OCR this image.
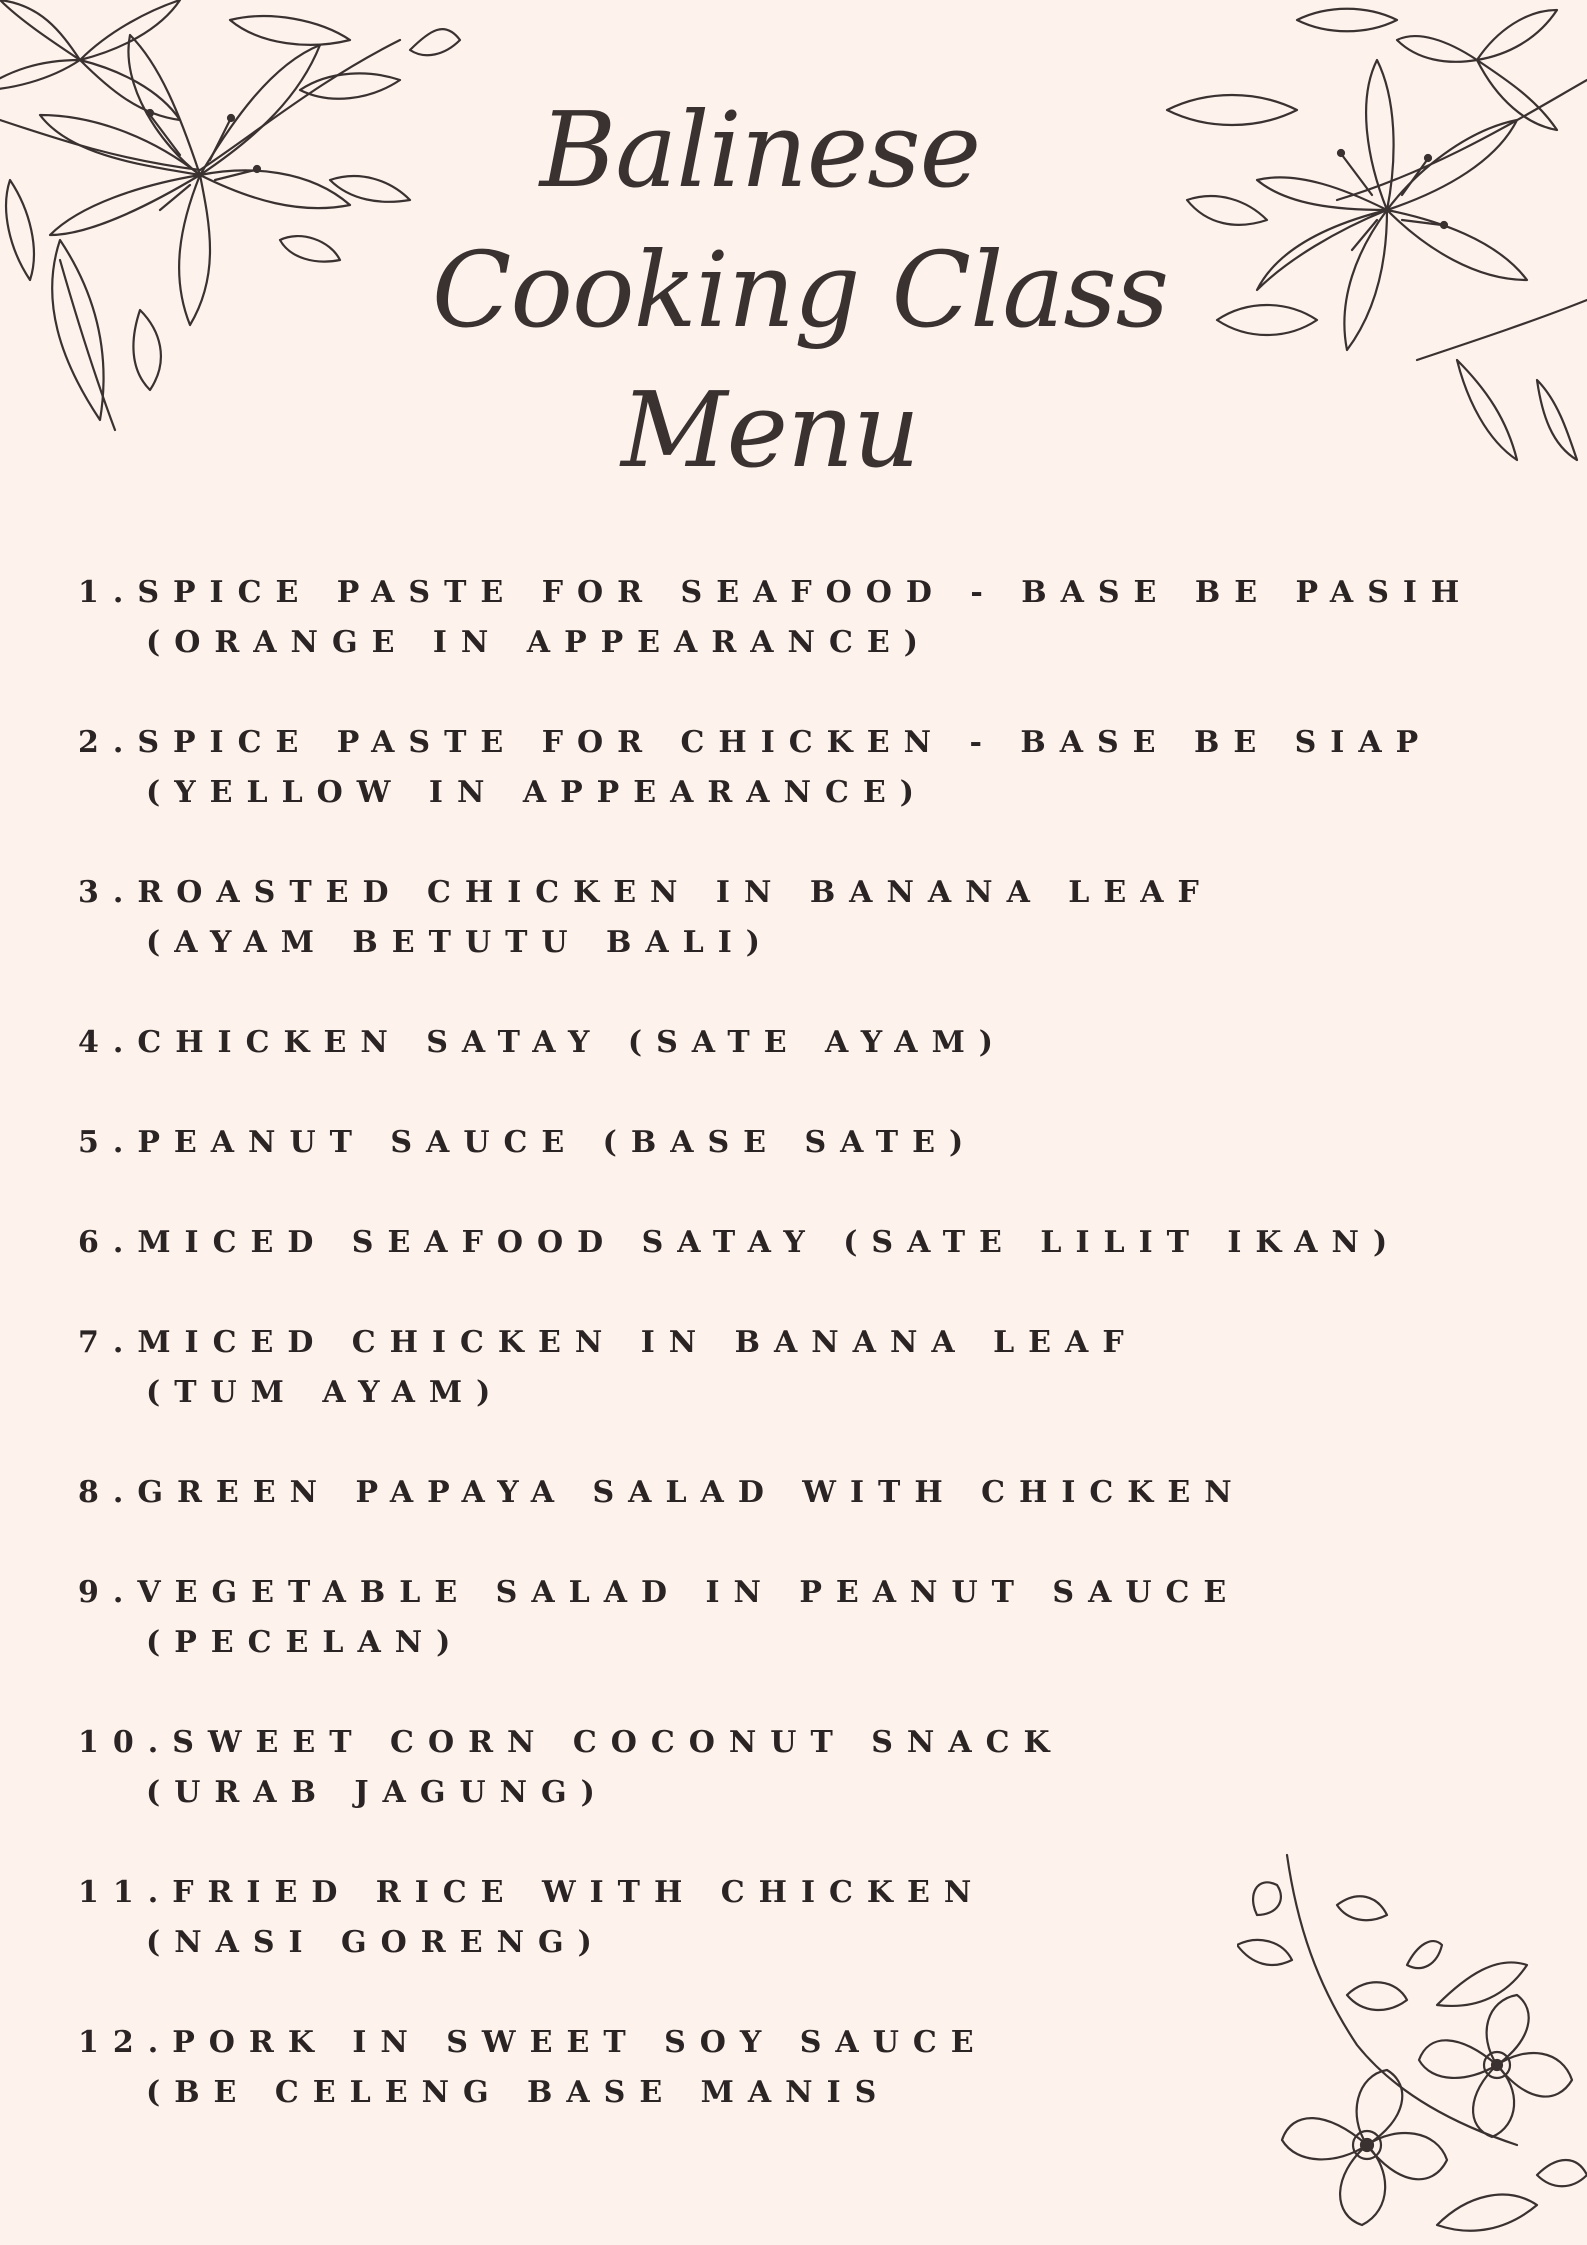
Balinese
Cooking Class
Menu
1. SPICE PASTE FOR SEAFOOD - BASE BE PASIH
(ORANGE IN APPEARANCE)
2. SPICE PASTE FOR CHICKEN - BASE BE SIAP
(YELLOW IN APPEARANCE)
3. ROASTED CHICKEN IN BANANA LEAF
(AYAM BETUTU BALI)
4. CHICKEN SATAY (SATE AYAM)
5. PEANUT SAUCE (BASE SATE)
6. MICED SEAFOOD SATAY (SATE LILIT IKAN)
7. MICED CHICKEN IN BANANA LEAF
(TUM AYAM)
8. GREEN PAPAYA SALAD WITH CHICKEN
9. VEGETABLE SALAD IN PEANUT SAUCE
(PECELAN)
10. SWEET CORN COCONUT SNACK
(URAB JAGUNG)
11. FRIED RICE WITH CHICKEN
(NASI GORENG)
12. PORK IN SWEET SOY SAUCE
(BE CELENG BASE MANIS
